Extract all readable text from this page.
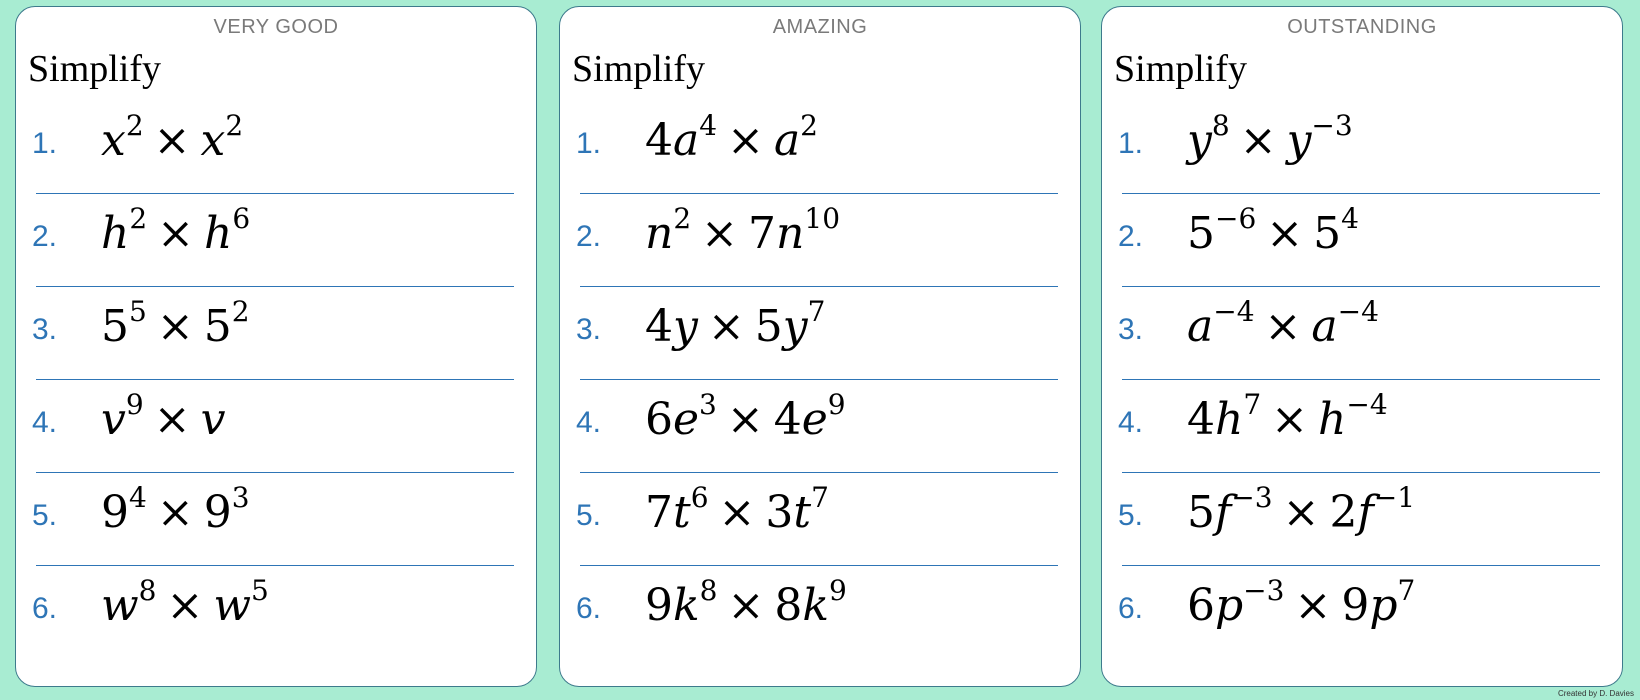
VERY GOOD
Simplify
1. $x^2 \times x^2$
2. $h^2 \times h^6$
3. $5^5 \times 5^2$
4. $v^9 \times v$
5. $9^4 \times 9^3$
6. $w^8 \times w^5$
AMAZING
Simplify
1. $4a^4 \times a^2$
2. $n^2 \times 7n^{10}$
3. $4y \times 5y^7$
4. $6e^3 \times 4e^9$
5. $7t^6 \times 3t^7$
6. $9k^8 \times 8k^9$
OUTSTANDING
Simplify
1. $y^8 \times y^{-3}$
2. $5^{-6} \times 5^4$
3. $a^{-4} \times a^{-4}$
4. $4h^7 \times h^{-4}$
5. $5f^{-3} \times 2f^{-1}$
6. $6p^{-3} \times 9p^7$
Created by D. Davies
